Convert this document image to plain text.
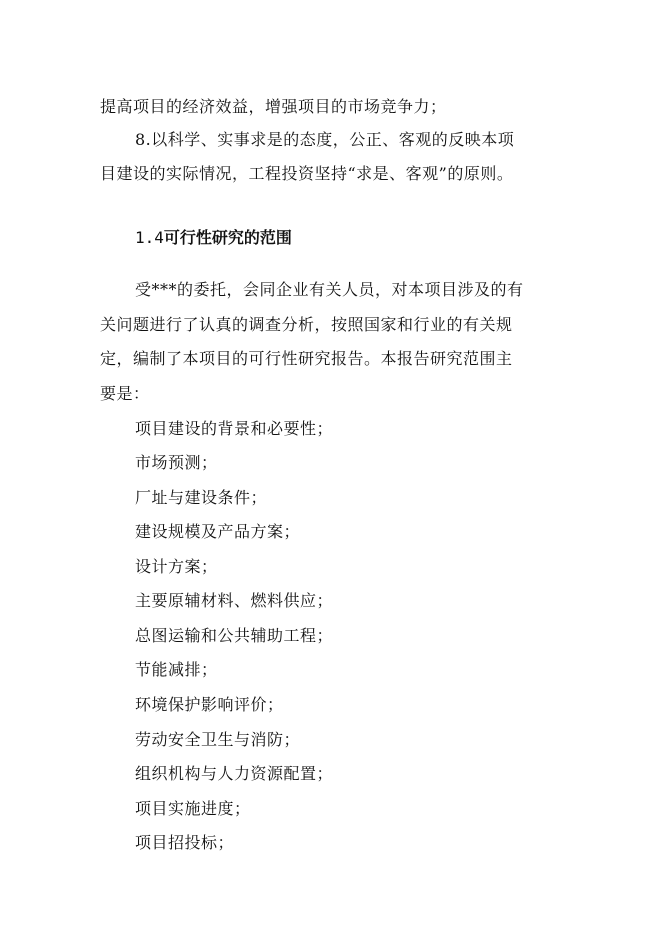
提高项目的经济效益，增强项目的市场竞争力；
8.以科学、实事求是的态度，公正、客观的反映本项
目建设的实际情况，工程投资坚持“求是、客观”的原则。
1.4可行性研究的范围
受***的委托，会同企业有关人员，对本项目涉及的有
关问题进行了认真的调查分析，按照国家和行业的有关规
定，编制了本项目的可行性研究报告。本报告研究范围主
要是：
项目建设的背景和必要性；
市场预测；
厂址与建设条件；
建设规模及产品方案；
设计方案；
主要原辅材料、燃料供应；
总图运输和公共辅助工程；
节能减排；
环境保护影响评价；
劳动安全卫生与消防；
组织机构与人力资源配置；
项目实施进度；
项目招投标；
